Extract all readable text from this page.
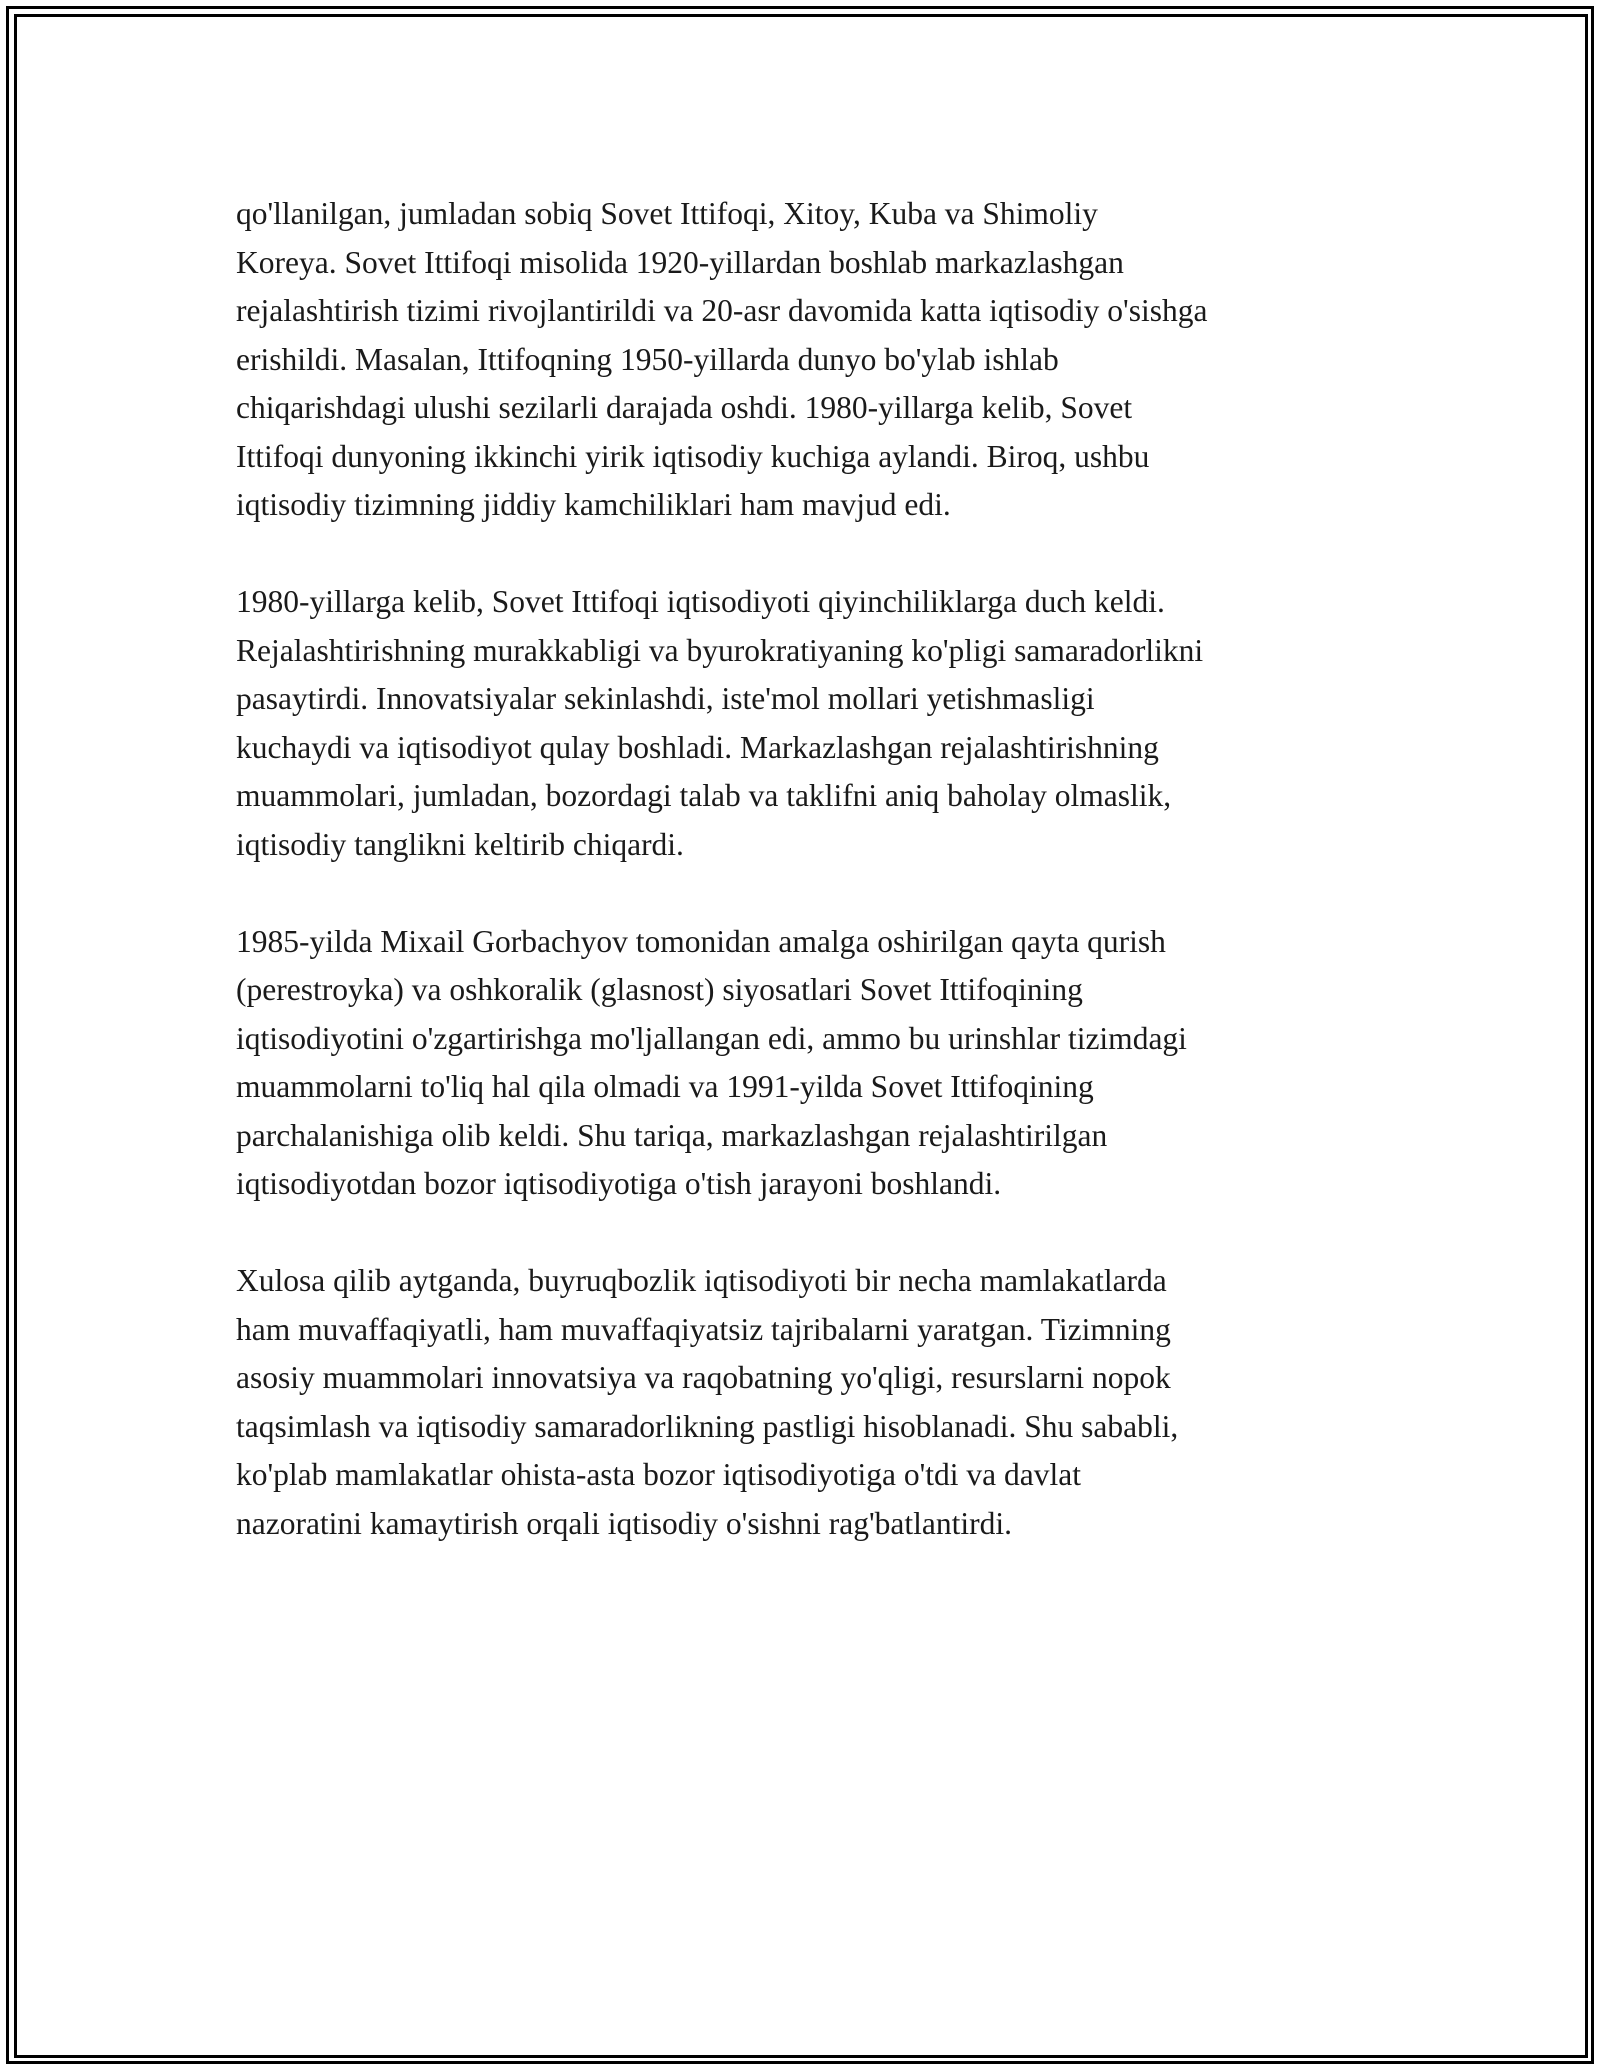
qo'llanilgan, jumladan sobiq Sovet Ittifoqi, Xitoy, Kuba va Shimoliy
Koreya. Sovet Ittifoqi misolida 1920-yillardan boshlab markazlashgan
rejalashtirish tizimi rivojlantirildi va 20-asr davomida katta iqtisodiy o'sishga
erishildi. Masalan, Ittifoqning 1950-yillarda dunyo bo'ylab ishlab
chiqarishdagi ulushi sezilarli darajada oshdi. 1980-yillarga kelib, Sovet
Ittifoqi dunyoning ikkinchi yirik iqtisodiy kuchiga aylandi. Biroq, ushbu
iqtisodiy tizimning jiddiy kamchiliklari ham mavjud edi.

1980-yillarga kelib, Sovet Ittifoqi iqtisodiyoti qiyinchiliklarga duch keldi.
Rejalashtirishning murakkabligi va byurokratiyaning ko'pligi samaradorlikni
pasaytirdi. Innovatsiyalar sekinlashdi, iste'mol mollari yetishmasligi
kuchaydi va iqtisodiyot qulay boshladi. Markazlashgan rejalashtirishning
muammolari, jumladan, bozordagi talab va taklifni aniq baholay olmaslik,
iqtisodiy tanglikni keltirib chiqardi.

1985-yilda Mixail Gorbachyov tomonidan amalga oshirilgan qayta qurish
(perestroyka) va oshkoralik (glasnost) siyosatlari Sovet Ittifoqining
iqtisodiyotini o'zgartirishga mo'ljallangan edi, ammo bu urinshlar tizimdagi
muammolarni to'liq hal qila olmadi va 1991-yilda Sovet Ittifoqining
parchalanishiga olib keldi. Shu tariqa, markazlashgan rejalashtirilgan
iqtisodiyotdan bozor iqtisodiyotiga o'tish jarayoni boshlandi.

Xulosa qilib aytganda, buyruqbozlik iqtisodiyoti bir necha mamlakatlarda
ham muvaffaqiyatli, ham muvaffaqiyatsiz tajribalarni yaratgan. Tizimning
asosiy muammolari innovatsiya va raqobatning yo'qligi, resurslarni nopok
taqsimlash va iqtisodiy samaradorlikning pastligi hisoblanadi. Shu sababli,
ko'plab mamlakatlar ohista-asta bozor iqtisodiyotiga o'tdi va davlat
nazoratini kamaytirish orqali iqtisodiy o'sishni rag'batlantirdi.
